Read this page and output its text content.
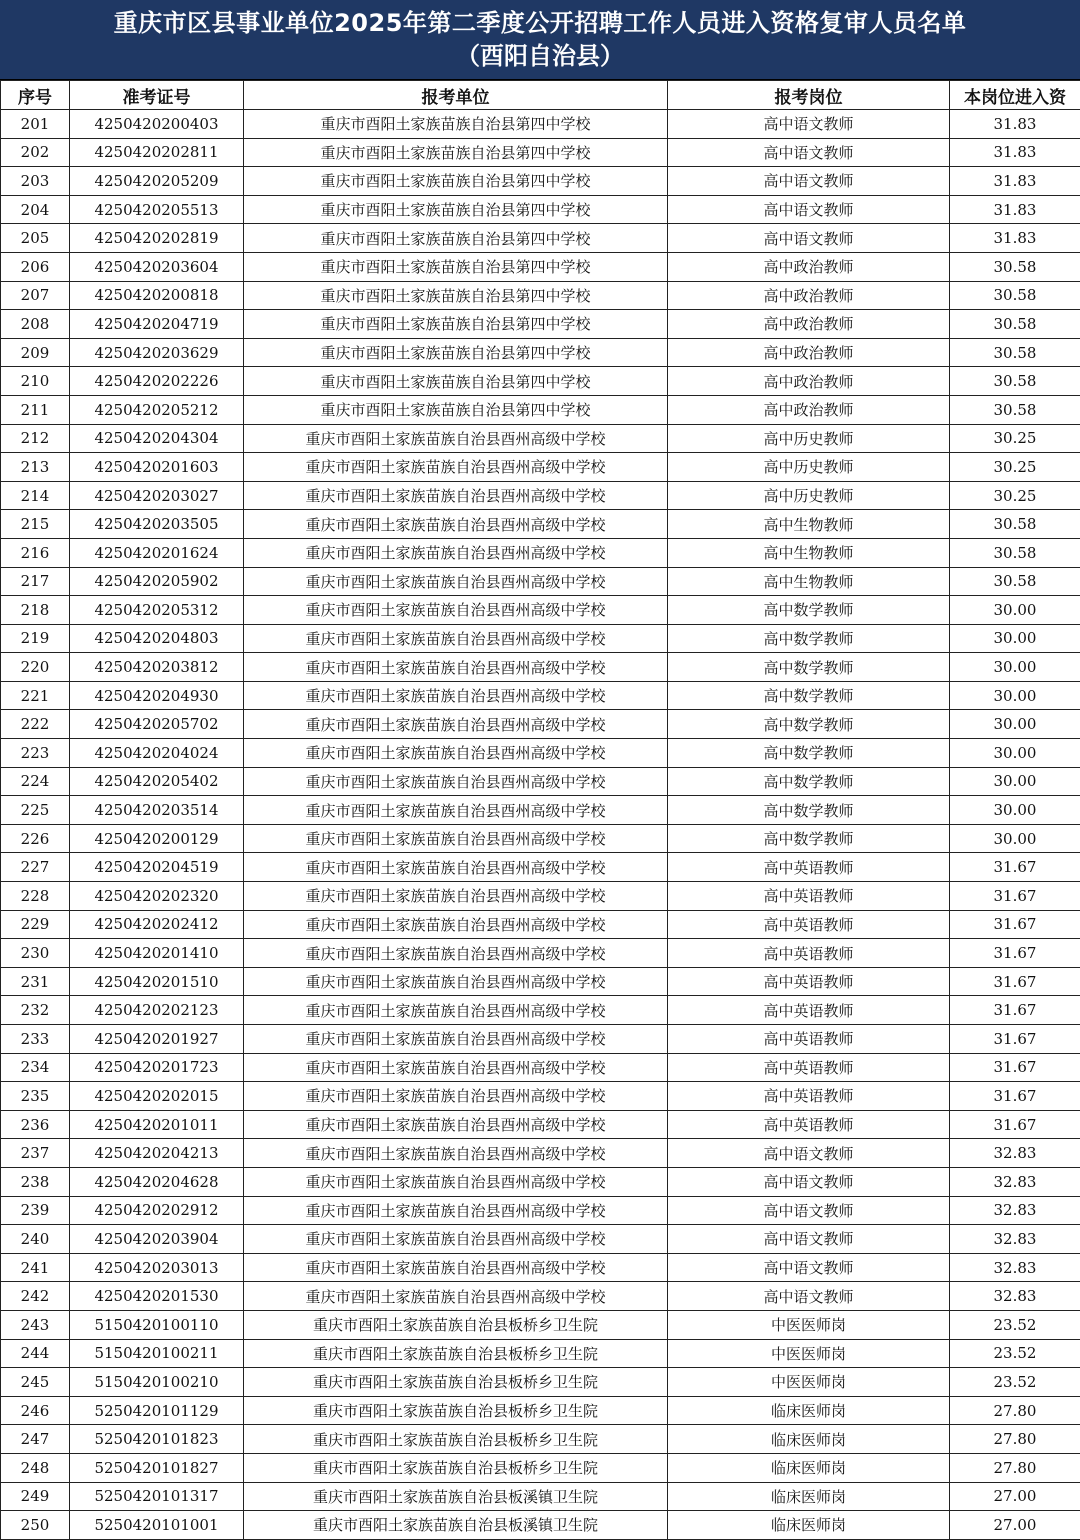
重庆市区县事业单位2025年第二季度公开招聘工作人员进入资格复审人员名单
（酉阳自治县）
序号	准考证号	报考单位	报考岗位	本岗位进入资
201	4250420200403	重庆市酉阳土家族苗族自治县第四中学校	高中语文教师	31.83
202	4250420202811	重庆市酉阳土家族苗族自治县第四中学校	高中语文教师	31.83
203	4250420205209	重庆市酉阳土家族苗族自治县第四中学校	高中语文教师	31.83
204	4250420205513	重庆市酉阳土家族苗族自治县第四中学校	高中语文教师	31.83
205	4250420202819	重庆市酉阳土家族苗族自治县第四中学校	高中语文教师	31.83
206	4250420203604	重庆市酉阳土家族苗族自治县第四中学校	高中政治教师	30.58
207	4250420200818	重庆市酉阳土家族苗族自治县第四中学校	高中政治教师	30.58
208	4250420204719	重庆市酉阳土家族苗族自治县第四中学校	高中政治教师	30.58
209	4250420203629	重庆市酉阳土家族苗族自治县第四中学校	高中政治教师	30.58
210	4250420202226	重庆市酉阳土家族苗族自治县第四中学校	高中政治教师	30.58
211	4250420205212	重庆市酉阳土家族苗族自治县第四中学校	高中政治教师	30.58
212	4250420204304	重庆市酉阳土家族苗族自治县酉州高级中学校	高中历史教师	30.25
213	4250420201603	重庆市酉阳土家族苗族自治县酉州高级中学校	高中历史教师	30.25
214	4250420203027	重庆市酉阳土家族苗族自治县酉州高级中学校	高中历史教师	30.25
215	4250420203505	重庆市酉阳土家族苗族自治县酉州高级中学校	高中生物教师	30.58
216	4250420201624	重庆市酉阳土家族苗族自治县酉州高级中学校	高中生物教师	30.58
217	4250420205902	重庆市酉阳土家族苗族自治县酉州高级中学校	高中生物教师	30.58
218	4250420205312	重庆市酉阳土家族苗族自治县酉州高级中学校	高中数学教师	30.00
219	4250420204803	重庆市酉阳土家族苗族自治县酉州高级中学校	高中数学教师	30.00
220	4250420203812	重庆市酉阳土家族苗族自治县酉州高级中学校	高中数学教师	30.00
221	4250420204930	重庆市酉阳土家族苗族自治县酉州高级中学校	高中数学教师	30.00
222	4250420205702	重庆市酉阳土家族苗族自治县酉州高级中学校	高中数学教师	30.00
223	4250420204024	重庆市酉阳土家族苗族自治县酉州高级中学校	高中数学教师	30.00
224	4250420205402	重庆市酉阳土家族苗族自治县酉州高级中学校	高中数学教师	30.00
225	4250420203514	重庆市酉阳土家族苗族自治县酉州高级中学校	高中数学教师	30.00
226	4250420200129	重庆市酉阳土家族苗族自治县酉州高级中学校	高中数学教师	30.00
227	4250420204519	重庆市酉阳土家族苗族自治县酉州高级中学校	高中英语教师	31.67
228	4250420202320	重庆市酉阳土家族苗族自治县酉州高级中学校	高中英语教师	31.67
229	4250420202412	重庆市酉阳土家族苗族自治县酉州高级中学校	高中英语教师	31.67
230	4250420201410	重庆市酉阳土家族苗族自治县酉州高级中学校	高中英语教师	31.67
231	4250420201510	重庆市酉阳土家族苗族自治县酉州高级中学校	高中英语教师	31.67
232	4250420202123	重庆市酉阳土家族苗族自治县酉州高级中学校	高中英语教师	31.67
233	4250420201927	重庆市酉阳土家族苗族自治县酉州高级中学校	高中英语教师	31.67
234	4250420201723	重庆市酉阳土家族苗族自治县酉州高级中学校	高中英语教师	31.67
235	4250420202015	重庆市酉阳土家族苗族自治县酉州高级中学校	高中英语教师	31.67
236	4250420201011	重庆市酉阳土家族苗族自治县酉州高级中学校	高中英语教师	31.67
237	4250420204213	重庆市酉阳土家族苗族自治县酉州高级中学校	高中语文教师	32.83
238	4250420204628	重庆市酉阳土家族苗族自治县酉州高级中学校	高中语文教师	32.83
239	4250420202912	重庆市酉阳土家族苗族自治县酉州高级中学校	高中语文教师	32.83
240	4250420203904	重庆市酉阳土家族苗族自治县酉州高级中学校	高中语文教师	32.83
241	4250420203013	重庆市酉阳土家族苗族自治县酉州高级中学校	高中语文教师	32.83
242	4250420201530	重庆市酉阳土家族苗族自治县酉州高级中学校	高中语文教师	32.83
243	5150420100110	重庆市酉阳土家族苗族自治县板桥乡卫生院	中医医师岗	23.52
244	5150420100211	重庆市酉阳土家族苗族自治县板桥乡卫生院	中医医师岗	23.52
245	5150420100210	重庆市酉阳土家族苗族自治县板桥乡卫生院	中医医师岗	23.52
246	5250420101129	重庆市酉阳土家族苗族自治县板桥乡卫生院	临床医师岗	27.80
247	5250420101823	重庆市酉阳土家族苗族自治县板桥乡卫生院	临床医师岗	27.80
248	5250420101827	重庆市酉阳土家族苗族自治县板桥乡卫生院	临床医师岗	27.80
249	5250420101317	重庆市酉阳土家族苗族自治县板溪镇卫生院	临床医师岗	27.00
250	5250420101001	重庆市酉阳土家族苗族自治县板溪镇卫生院	临床医师岗	27.00
